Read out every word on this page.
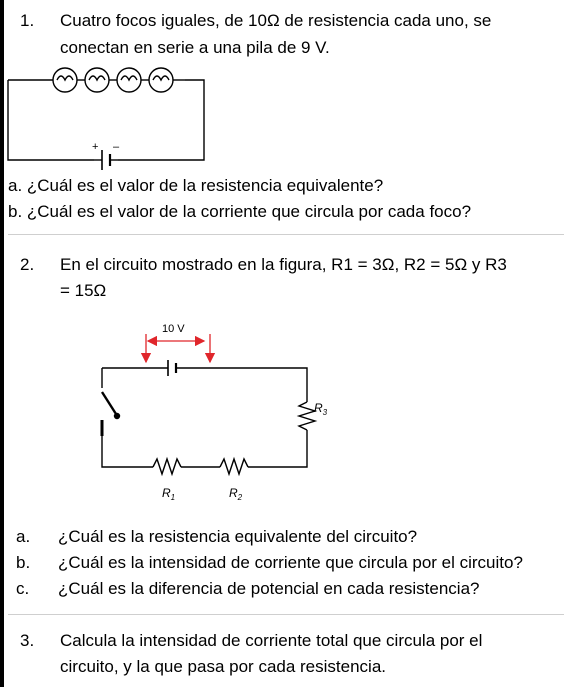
1. Cuatro focos iguales, de 10Ω de resistencia cada uno, se
conectan en serie a una pila de 9 V.
+ –
a. ¿Cuál es el valor de la resistencia equivalente?
b. ¿Cuál es el valor de la corriente que circula por cada foco?
2. En el circuito mostrado en la figura, R1 = 3Ω, R2 = 5Ω y R3
= 15Ω
10 V
$R_3$
$R_1$	$R_2$
a. ¿Cuál es la resistencia equivalente del circuito?
b. ¿Cuál es la intensidad de corriente que circula por el circuito?
c. ¿Cuál es la diferencia de potencial en cada resistencia?
3. Calcula la intensidad de corriente total que circula por el
circuito, y la que pasa por cada resistencia.
